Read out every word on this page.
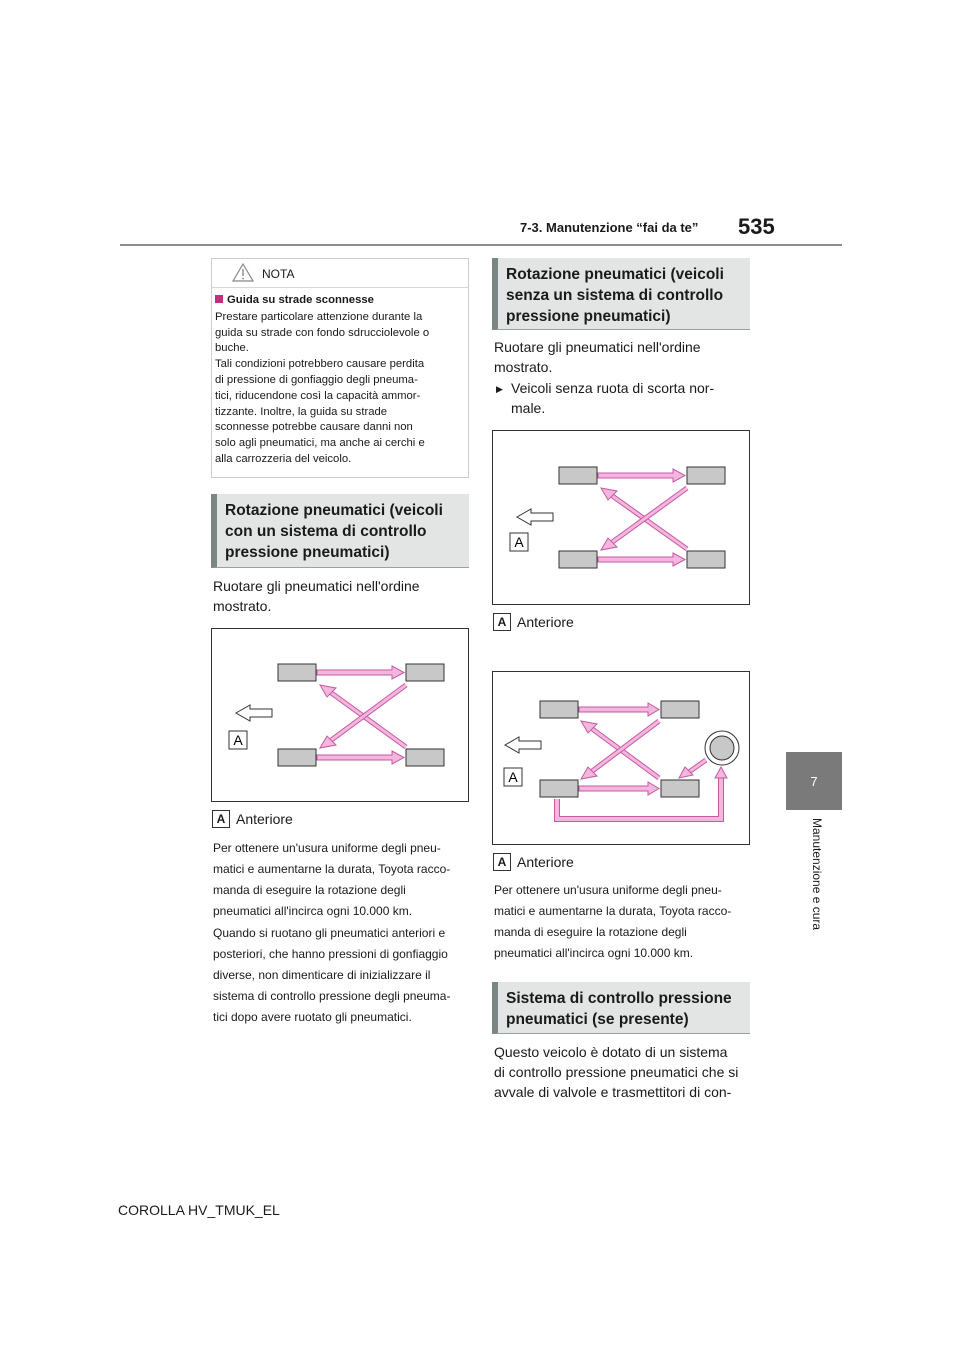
7-3. Manutenzione “fai da te” 535
7
Manutenzione e cura
NOTA
Guida su strade sconnesse
Prestare particolare attenzione durante la
guida su strade con fondo sdrucciolevole o
buche.
Tali condizioni potrebbero causare perdita
di pressione di gonfiaggio degli pneuma-
tici, riducendone così la capacità ammor-
tizzante. Inoltre, la guida su strade
sconnesse potrebbe causare danni non
solo agli pneumatici, ma anche ai cerchi e
alla carrozzeria del veicolo.
Rotazione pneumatici (veicoli
con un sistema di controllo
pressione pneumatici)
Ruotare gli pneumatici nell'ordine
mostrato.
A
A Anteriore
Per ottenere un'usura uniforme degli pneu-
matici e aumentarne la durata, Toyota racco-
manda di eseguire la rotazione degli
pneumatici all'incirca ogni 10.000 km.
Quando si ruotano gli pneumatici anteriori e
posteriori, che hanno pressioni di gonfiaggio
diverse, non dimenticare di inizializzare il
sistema di controllo pressione degli pneuma-
tici dopo avere ruotato gli pneumatici.
Rotazione pneumatici (veicoli
senza un sistema di controllo
pressione pneumatici)
Ruotare gli pneumatici nell'ordine
mostrato.
▶ Veicoli senza ruota di scorta nor-
male.
A
A Anteriore
▶
A
A Anteriore
Per ottenere un'usura uniforme degli pneu-
matici e aumentarne la durata, Toyota racco-
manda di eseguire la rotazione degli
pneumatici all'incirca ogni 10.000 km.
Sistema di controllo pressione
pneumatici (se presente)
Questo veicolo è dotato di un sistema
di controllo pressione pneumatici che si
avvale di valvole e trasmettitori di con-
COROLLA HV_TMUK_EL
